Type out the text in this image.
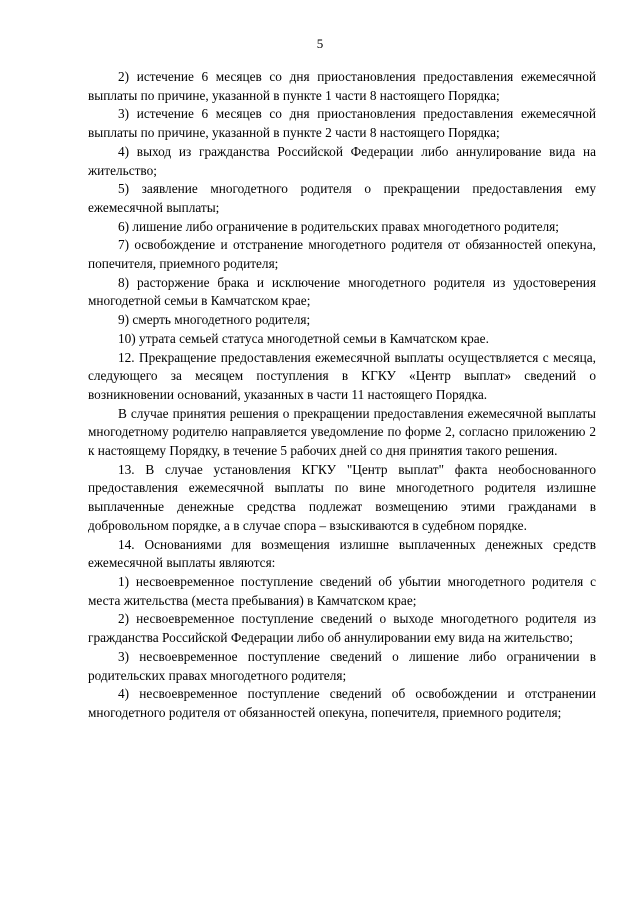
5

2) истечение 6 месяцев со дня приостановления предоставления ежемесячной выплаты по причине, указанной в пункте 1 части 8 настоящего Порядка;

3) истечение 6 месяцев со дня приостановления предоставления ежемесячной выплаты по причине, указанной в пункте 2 части 8 настоящего Порядка;

4) выход из гражданства Российской Федерации либо аннулирование вида на жительство;

5) заявление многодетного родителя о прекращении предоставления ему ежемесячной выплаты;

6) лишение либо ограничение в родительских правах многодетного родителя;

7) освобождение и отстранение многодетного родителя от обязанностей опекуна, попечителя, приемного родителя;

8) расторжение брака и исключение многодетного родителя из удостоверения многодетной семьи в Камчатском крае;

9) смерть многодетного родителя;

10) утрата семьей статуса многодетной семьи в Камчатском крае.

12. Прекращение предоставления ежемесячной выплаты осуществляется с месяца, следующего за месяцем поступления в КГКУ «Центр выплат» сведений о возникновении оснований, указанных в части 11 настоящего Порядка.

В случае принятия решения о прекращении предоставления ежемесячной выплаты многодетному родителю направляется уведомление по форме 2, согласно приложению 2 к настоящему Порядку, в течение 5 рабочих дней со дня принятия такого решения.

13. В случае установления КГКУ "Центр выплат" факта необоснованного предоставления ежемесячной выплаты по вине многодетного родителя излишне выплаченные денежные средства подлежат возмещению этими гражданами в добровольном порядке, а в случае спора – взыскиваются в судебном порядке.

14. Основаниями для возмещения излишне выплаченных денежных средств ежемесячной выплаты являются:

1) несвоевременное поступление сведений об убытии многодетного родителя с места жительства (места пребывания) в Камчатском крае;

2) несвоевременное поступление сведений о выходе многодетного родителя из гражданства Российской Федерации либо об аннулировании ему вида на жительство;

3) несвоевременное поступление сведений о лишение либо ограничении в родительских правах многодетного родителя;

4) несвоевременное поступление сведений об освобождении и отстранении многодетного родителя от обязанностей опекуна, попечителя, приемного родителя;
